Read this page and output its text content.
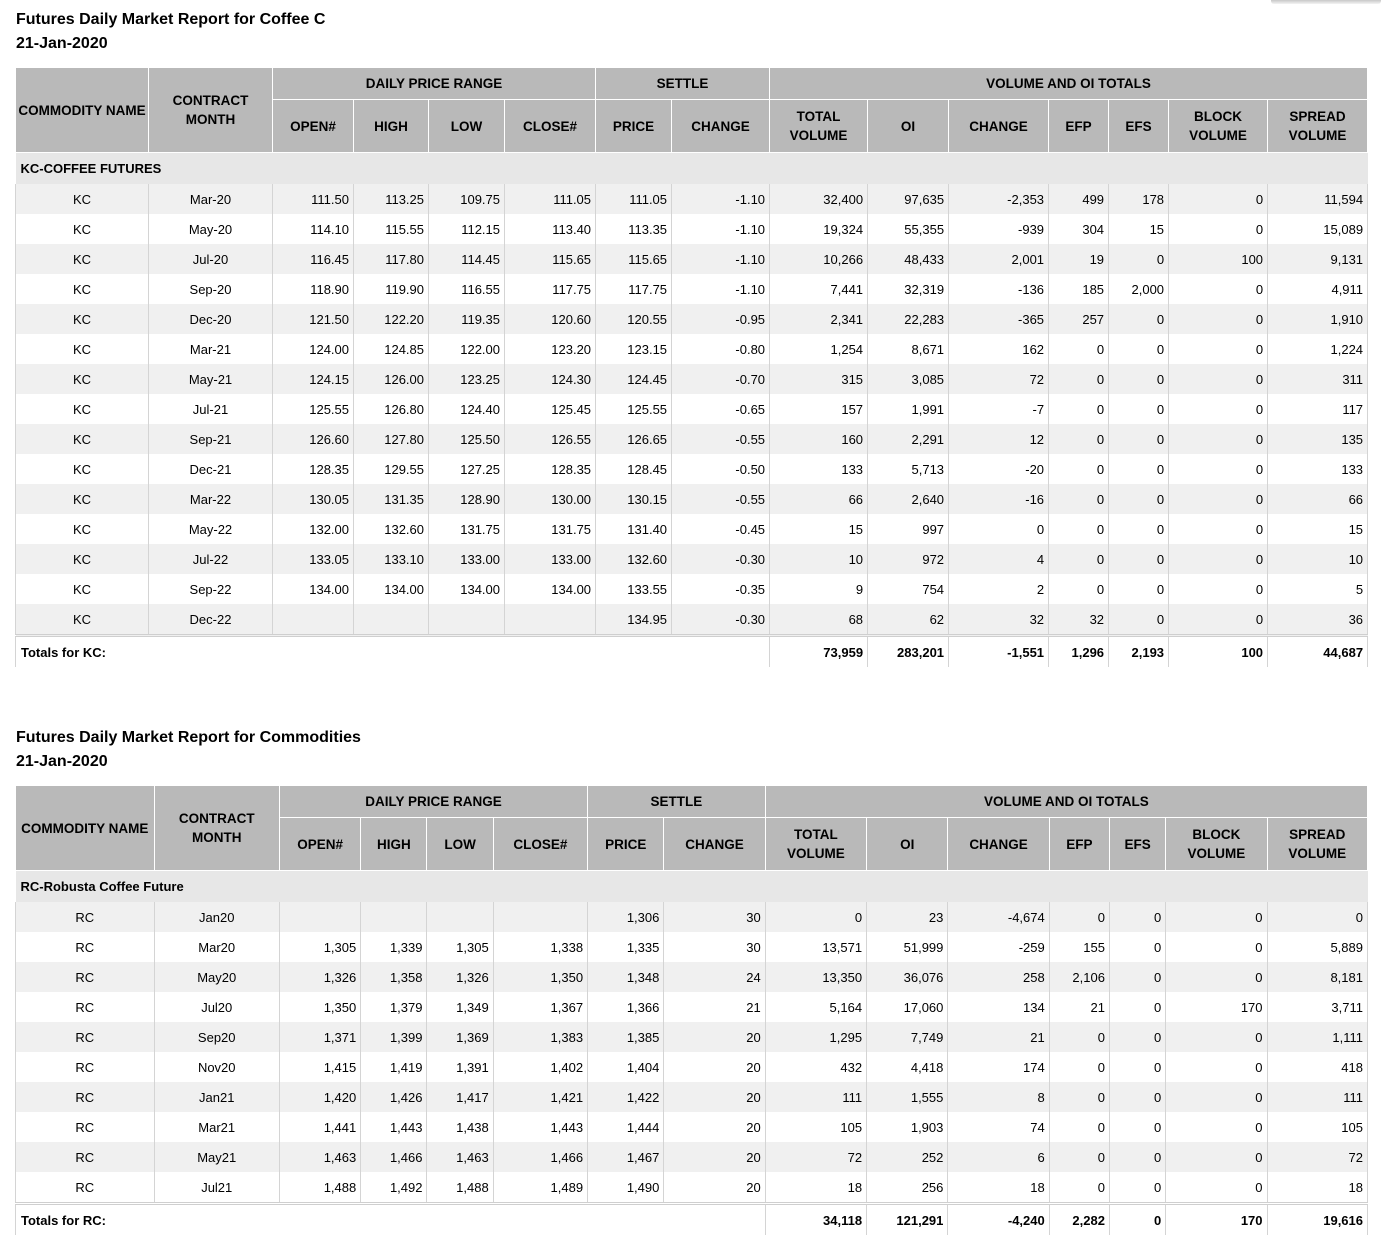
Futures Daily Market Report for Coffee C

21-Jan-2020

COMMODITY NAME	CONTRACT MONTH	DAILY PRICE RANGE				SETTLE		VOLUME AND OI TOTALS						
		OPEN#	HIGH	LOW	CLOSE#	PRICE	CHANGE	TOTAL VOLUME	OI	CHANGE	EFP	EFS	BLOCK VOLUME	SPREAD VOLUME
KC-COFFEE FUTURES														
KC	Mar-20	111.50	113.25	109.75	111.05	111.05	-1.10	32,400	97,635	-2,353	499	178	0	11,594
KC	May-20	114.10	115.55	112.15	113.40	113.35	-1.10	19,324	55,355	-939	304	15	0	15,089
KC	Jul-20	116.45	117.80	114.45	115.65	115.65	-1.10	10,266	48,433	2,001	19	0	100	9,131
KC	Sep-20	118.90	119.90	116.55	117.75	117.75	-1.10	7,441	32,319	-136	185	2,000	0	4,911
KC	Dec-20	121.50	122.20	119.35	120.60	120.55	-0.95	2,341	22,283	-365	257	0	0	1,910
KC	Mar-21	124.00	124.85	122.00	123.20	123.15	-0.80	1,254	8,671	162	0	0	0	1,224
KC	May-21	124.15	126.00	123.25	124.30	124.45	-0.70	315	3,085	72	0	0	0	311
KC	Jul-21	125.55	126.80	124.40	125.45	125.55	-0.65	157	1,991	-7	0	0	0	117
KC	Sep-21	126.60	127.80	125.50	126.55	126.65	-0.55	160	2,291	12	0	0	0	135
KC	Dec-21	128.35	129.55	127.25	128.35	128.45	-0.50	133	5,713	-20	0	0	0	133
KC	Mar-22	130.05	131.35	128.90	130.00	130.15	-0.55	66	2,640	-16	0	0	0	66
KC	May-22	132.00	132.60	131.75	131.75	131.40	-0.45	15	997	0	0	0	0	15
KC	Jul-22	133.05	133.10	133.00	133.00	132.60	-0.30	10	972	4	0	0	0	10
KC	Sep-22	134.00	134.00	134.00	134.00	133.55	-0.35	9	754	2	0	0	0	5
KC	Dec-22					134.95	-0.30	68	62	32	32	0	0	36
Totals for KC:								73,959	283,201	-1,551	1,296	2,193	100	44,687

Futures Daily Market Report for Commodities

21-Jan-2020

COMMODITY NAME	CONTRACT MONTH	DAILY PRICE RANGE				SETTLE		VOLUME AND OI TOTALS						
		OPEN#	HIGH	LOW	CLOSE#	PRICE	CHANGE	TOTAL VOLUME	OI	CHANGE	EFP	EFS	BLOCK VOLUME	SPREAD VOLUME
RC-Robusta Coffee Future														
RC	Jan20					1,306	30	0	23	-4,674	0	0	0	0
RC	Mar20	1,305	1,339	1,305	1,338	1,335	30	13,571	51,999	-259	155	0	0	5,889
RC	May20	1,326	1,358	1,326	1,350	1,348	24	13,350	36,076	258	2,106	0	0	8,181
RC	Jul20	1,350	1,379	1,349	1,367	1,366	21	5,164	17,060	134	21	0	170	3,711
RC	Sep20	1,371	1,399	1,369	1,383	1,385	20	1,295	7,749	21	0	0	0	1,111
RC	Nov20	1,415	1,419	1,391	1,402	1,404	20	432	4,418	174	0	0	0	418
RC	Jan21	1,420	1,426	1,417	1,421	1,422	20	111	1,555	8	0	0	0	111
RC	Mar21	1,441	1,443	1,438	1,443	1,444	20	105	1,903	74	0	0	0	105
RC	May21	1,463	1,466	1,463	1,466	1,467	20	72	252	6	0	0	0	72
RC	Jul21	1,488	1,492	1,488	1,489	1,490	20	18	256	18	0	0	0	18
Totals for RC:								34,118	121,291	-4,240	2,282	0	170	19,616
